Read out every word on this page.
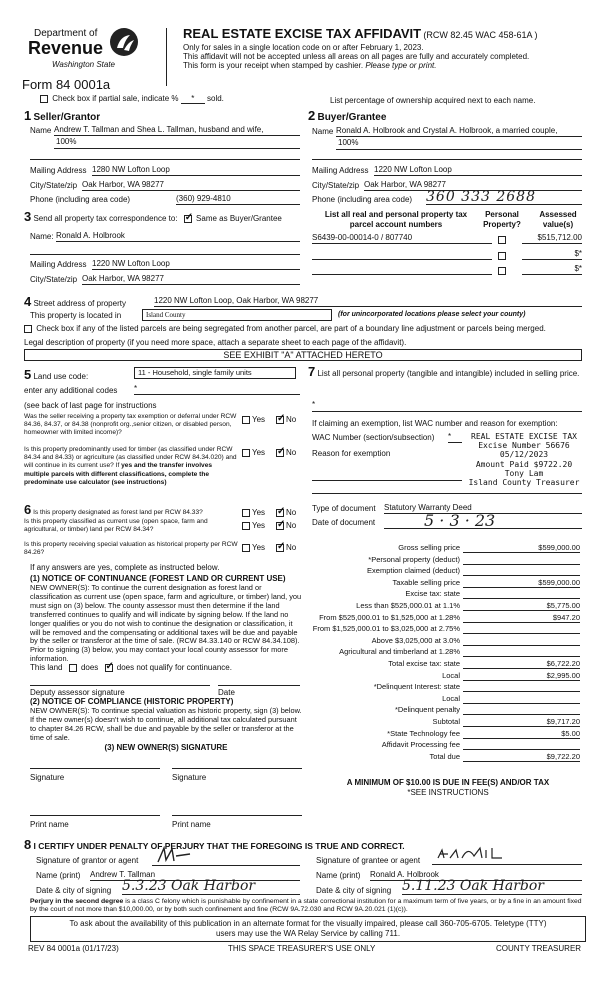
Department of
Revenue
Washington State
Form 84 0001a
REAL ESTATE EXCISE TAX AFFIDAVIT (RCW 82.45 WAC 458-61A )
Only for sales in a single location code on or after February 1, 2023.
This affidavit will not be accepted unless all areas on all pages are fully and accurately completed.
This form is your receipt when stamped by cashier. Please type or print.
Check box if partial sale, indicate % * sold.	List percentage of ownership acquired next to each name.
1 Seller/Grantor
Name Andrew T. Tallman and Shea L. Tallman, husband and wife,
100%
Mailing Address 1280 NW Lofton Loop
City/State/zip Oak Harbor, WA 98277
Phone (including area code)	(360) 929-4810
2 Buyer/Grantee
Name Ronald A. Holbrook and Crystal A. Holbrook, a married couple,
100%
Mailing Address 1220 NW Lofton Loop
City/State/zip Oak Harbor, WA 98277
Phone (including area code) 360 333 2688
3 Send all property tax correspondence to: ✓ Same as Buyer/Grantee
Name: Ronald A. Holbrook
Mailing Address 1220 NW Lofton Loop
City/State/zip Oak Harbor, WA 98277
List all real and personal property tax
parcel account numbers
Personal
Property?
Assessed
value(s)
S6439-00-00014-0 / 807740	$515,712.00
$*
$*
4 Street address of property	1220 NW Lofton Loop, Oak Harbor, WA 98277
This property is located in	Island County	(for unincorporated locations please select your county)
Check box if any of the listed parcels are being segregated from another parcel, are part of a boundary line adjustment or parcels being merged.
Legal description of property (if you need more space, attach a separate sheet to each page of the affidavit).
SEE EXHIBIT "A" ATTACHED HERETO
5 Land use code:	11 - Household, single family units
enter any additional codes *
(see back of last page for instructions
Was the seller receiving a property tax exemption or deferral under RCW 84.36, 84.37, or 84.38 (nonprofit org.,senior citizen, or disabled person, homeowner with limited income)?
Yes ✓	No
Is this property predominantly used for timber (as classified under RCW 84.34 and 84.33) or agriculture (as classified under RCW 84.34.020) and will continue in its current use? If yes and the transfer involves multiple parcels with different classifications, complete the predominate use calculator (see instructions)
Yes ✓	No
6 Is this property designated as forest land per RCW 84.33?	Yes ✓	No
Is this property classified as current use (open space, farm and agricultural, or timber) land per RCW 84.34?	Yes ✓	No
Is this property receiving special valuation as historical property per RCW 84.26?
Yes ✓	No
If any answers are yes, complete as instructed below.
(1) NOTICE OF CONTINUANCE (FOREST LAND OR CURRENT USE)
NEW OWNER(S): To continue the current designation as forest land or classification as current use (open space, farm and agriculture, or timber) land, you must sign on (3) below. The county assessor must then determine if the land transferred continues to qualify and will indicate by signing below. If the land no longer qualifies or you do not wish to continue the designation or classification, it will be removed and the compensating or additional taxes will be due and payable by the seller or transferor at the time of sale. (RCW 84.33.140 or RCW 84.34.108). Prior to signing (3) below, you may contact your local county assessor for more information.
This land does ✓ does not qualify for continuance.
Deputy assessor signature	Date
(2) NOTICE OF COMPLIANCE (HISTORIC PROPERTY)
NEW OWNER(S): To continue special valuation as historic property, sign (3) below. If the new owner(s) doesn't wish to continue, all additional tax calculated pursuant to chapter 84.26 RCW, shall be due and payable by the seller or transferor at the time of sale.
(3) NEW OWNER(S) SIGNATURE
Signature	Signature
Print name	Print name
7 List all personal property (tangible and intangible) included in selling price.
*
If claiming an exemption, list WAC number and reason for exemption:
WAC Number (section/subsection) *
Reason for exemption
REAL ESTATE EXCISE TAX
Excise Number 56676
05/12/2023
Amount Paid $9722.20
Tony Lam
Island County Treasurer
Type of document Statutory Warranty Deed
Date of document	5 · 3 · 23
Gross selling price	$599,000.00
*Personal property (deduct)
Exemption claimed (deduct)
Taxable selling price	$599,000.00
Excise tax: state
Less than $525,000.01 at 1.1%	$5,775.00
From $525,000.01 to $1,525,000 at 1.28%	$947.20
From $1,525,000.01 to $3,025,000 at 2.75%
Above $3,025,000 at 3.0%
Agricultural and timberland at 1.28%
Total excise tax: state	$6,722.20
Local	$2,995.00
*Delinquent Interest: state
Local
*Delinquent penalty
Subtotal	$9,717.20
*State Technology fee	$5.00
Affidavit Processing fee
Total due	$9,722.20
A MINIMUM OF $10.00 IS DUE IN FEE(S) AND/OR TAX
*SEE INSTRUCTIONS
8 I CERTIFY UNDER PENALTY OF PERJURY THAT THE FOREGOING IS TRUE AND CORRECT.
Signature of grantor or agent
Name (print) Andrew T. Tallman
Date & city of signing 5.3.23 Oak Harbor
Signature of grantee or agent
Name (print) Ronald A. Holbrook
Date & city of signing 5.11.23 Oak Harbor
Perjury in the second degree is a class C felony which is punishable by confinement in a state correctional institution for a maximum term of five years, or by a fine in an amount fixed by the court of not more than $10,000.00, or by both such confinement and fine (RCW 9A.72.030 and RCW 9A.20.021 (1)(c)).
To ask about the availability of this publication in an alternate format for the visually impaired, please call 360-705-6705. Teletype (TTY) users may use the WA Relay Service by calling 711.
REV 84 0001a (01/17/23)	THIS SPACE TREASURER'S USE ONLY	COUNTY TREASURER
